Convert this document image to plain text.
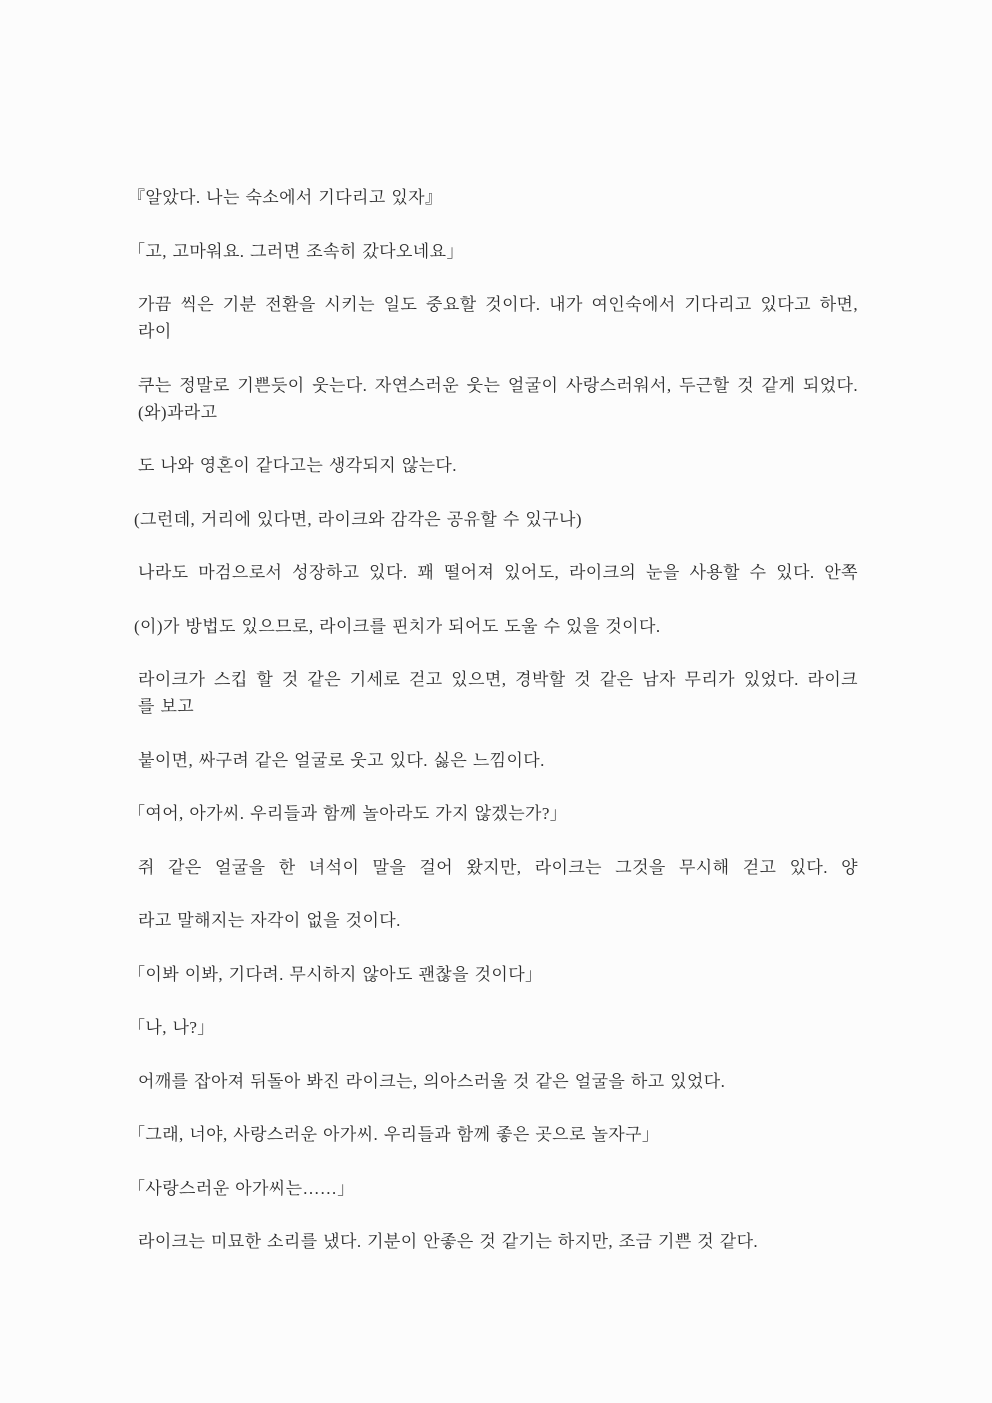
『알았다. 나는 숙소에서 기다리고 있자』

「고, 고마워요. 그러면 조속히 갔다오네요」

가끔 씩은 기분 전환을 시키는 일도 중요할 것이다. 내가 여인숙에서 기다리고 있다고 하면,
라이

쿠는 정말로 기쁜듯이 웃는다. 자연스러운 웃는 얼굴이 사랑스러워서, 두근할 것 같게 되었다.
(와)과라고

도 나와 영혼이 같다고는 생각되지 않는다.

(그런데, 거리에 있다면, 라이크와 감각은 공유할 수 있구나)

나라도 마검으로서 성장하고 있다. 꽤 떨어져 있어도, 라이크의 눈을 사용할 수 있다. 안쪽

(이)가 방법도 있으므로, 라이크를 핀치가 되어도 도울 수 있을 것이다.

라이크가 스킵 할 것 같은 기세로 걷고 있으면, 경박할 것 같은 남자 무리가 있었다. 라이크
를 보고

붙이면, 싸구려 같은 얼굴로 웃고 있다. 싫은 느낌이다.

「여어, 아가씨. 우리들과 함께 놀아라도 가지 않겠는가?」

쥐 같은 얼굴을 한 녀석이 말을 걸어 왔지만, 라이크는 그것을 무시해 걷고 있다. 양

라고 말해지는 자각이 없을 것이다.

「이봐 이봐, 기다려. 무시하지 않아도 괜찮을 것이다」

「나, 나?」

어깨를 잡아져 뒤돌아 봐진 라이크는, 의아스러울 것 같은 얼굴을 하고 있었다.

「그래, 너야, 사랑스러운 아가씨. 우리들과 함께 좋은 곳으로 놀자구」

「사랑스러운 아가씨는……」

라이크는 미묘한 소리를 냈다. 기분이 안좋은 것 같기는 하지만, 조금 기쁜 것 같다.
